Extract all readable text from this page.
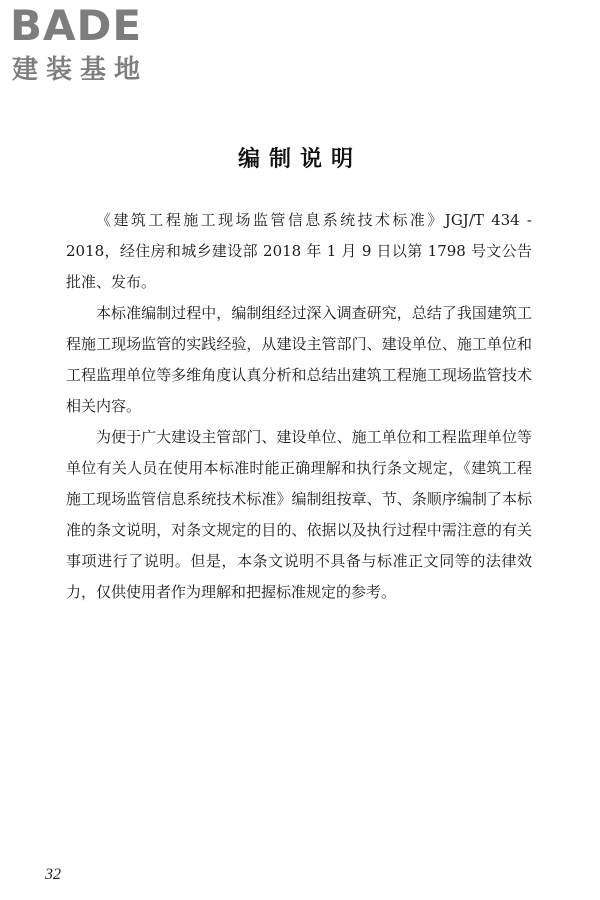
BADE
建装基地
编制说明

《建筑工程施工现场监管信息系统技术标准》JGJ/T 434 - 2018，经住房和城乡建设部 2018 年 1 月 9 日以第 1798 号文公告批准、发布。

本标准编制过程中，编制组经过深入调查研究，总结了我国建筑工程施工现场监管的实践经验，从建设主管部门、建设单位、施工单位和工程监理单位等多维角度认真分析和总结出建筑工程施工现场监管技术相关内容。

为便于广大建设主管部门、建设单位、施工单位和工程监理单位等单位有关人员在使用本标准时能正确理解和执行条文规定，《建筑工程施工现场监管信息系统技术标准》编制组按章、节、条顺序编制了本标准的条文说明，对条文规定的目的、依据以及执行过程中需注意的有关事项进行了说明。但是，本条文说明不具备与标准正文同等的法律效力，仅供使用者作为理解和把握标准规定的参考。

32
